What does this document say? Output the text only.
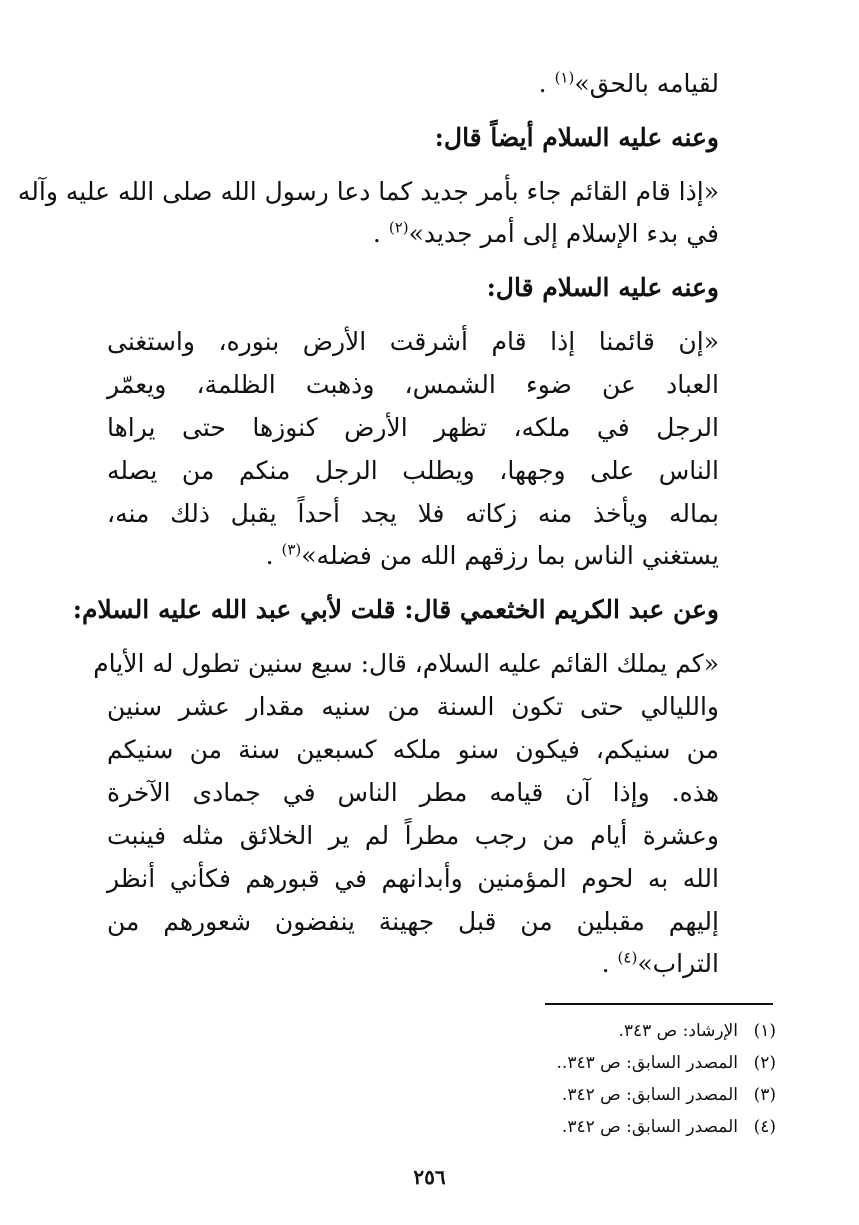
لقيامه بالحق»$^{(١)}$ .
وعنه عليه السلام أيضاً قال:
«إذا قام القائم جاء بأمر جديد كما دعا رسول الله صلى الله عليه وآله
في بدء الإسلام إلى أمر جديد»$^{(٢)}$ .
وعنه عليه السلام قال:
«إن قائمنا إذا قام أشرقت الأرض بنوره، واستغنى
العباد عن ضوء الشمس، وذهبت الظلمة، ويعمّر
الرجل في ملكه، تظهر الأرض كنوزها حتى يراها
الناس على وجهها، ويطلب الرجل منكم من يصله
بماله ويأخذ منه زكاته فلا يجد أحداً يقبل ذلك منه،
يستغني الناس بما رزقهم الله من فضله»$^{(٣)}$ .
وعن عبد الكريم الخثعمي قال: قلت لأبي عبد الله عليه السلام:
«كم يملك القائم عليه السلام، قال: سبع سنين تطول له الأيام
والليالي حتى تكون السنة من سنيه مقدار عشر سنين
من سنيكم، فيكون سنو ملكه كسبعين سنة من سنيكم
هذه. وإذا آن قيامه مطر الناس في جمادى الآخرة
وعشرة أيام من رجب مطراً لم ير الخلائق مثله فينبت
الله به لحوم المؤمنين وأبدانهم في قبورهم فكأني أنظر
إليهم مقبلين من قبل جهينة ينفضون شعورهم من
التراب»$^{(٤)}$ .
(١)الإرشاد: ص ٣٤٣.
(٢)المصدر السابق: ص ٣٤٣..
(٣)المصدر السابق: ص ٣٤٢.
(٤)المصدر السابق: ص ٣٤٢.
٢٥٦
